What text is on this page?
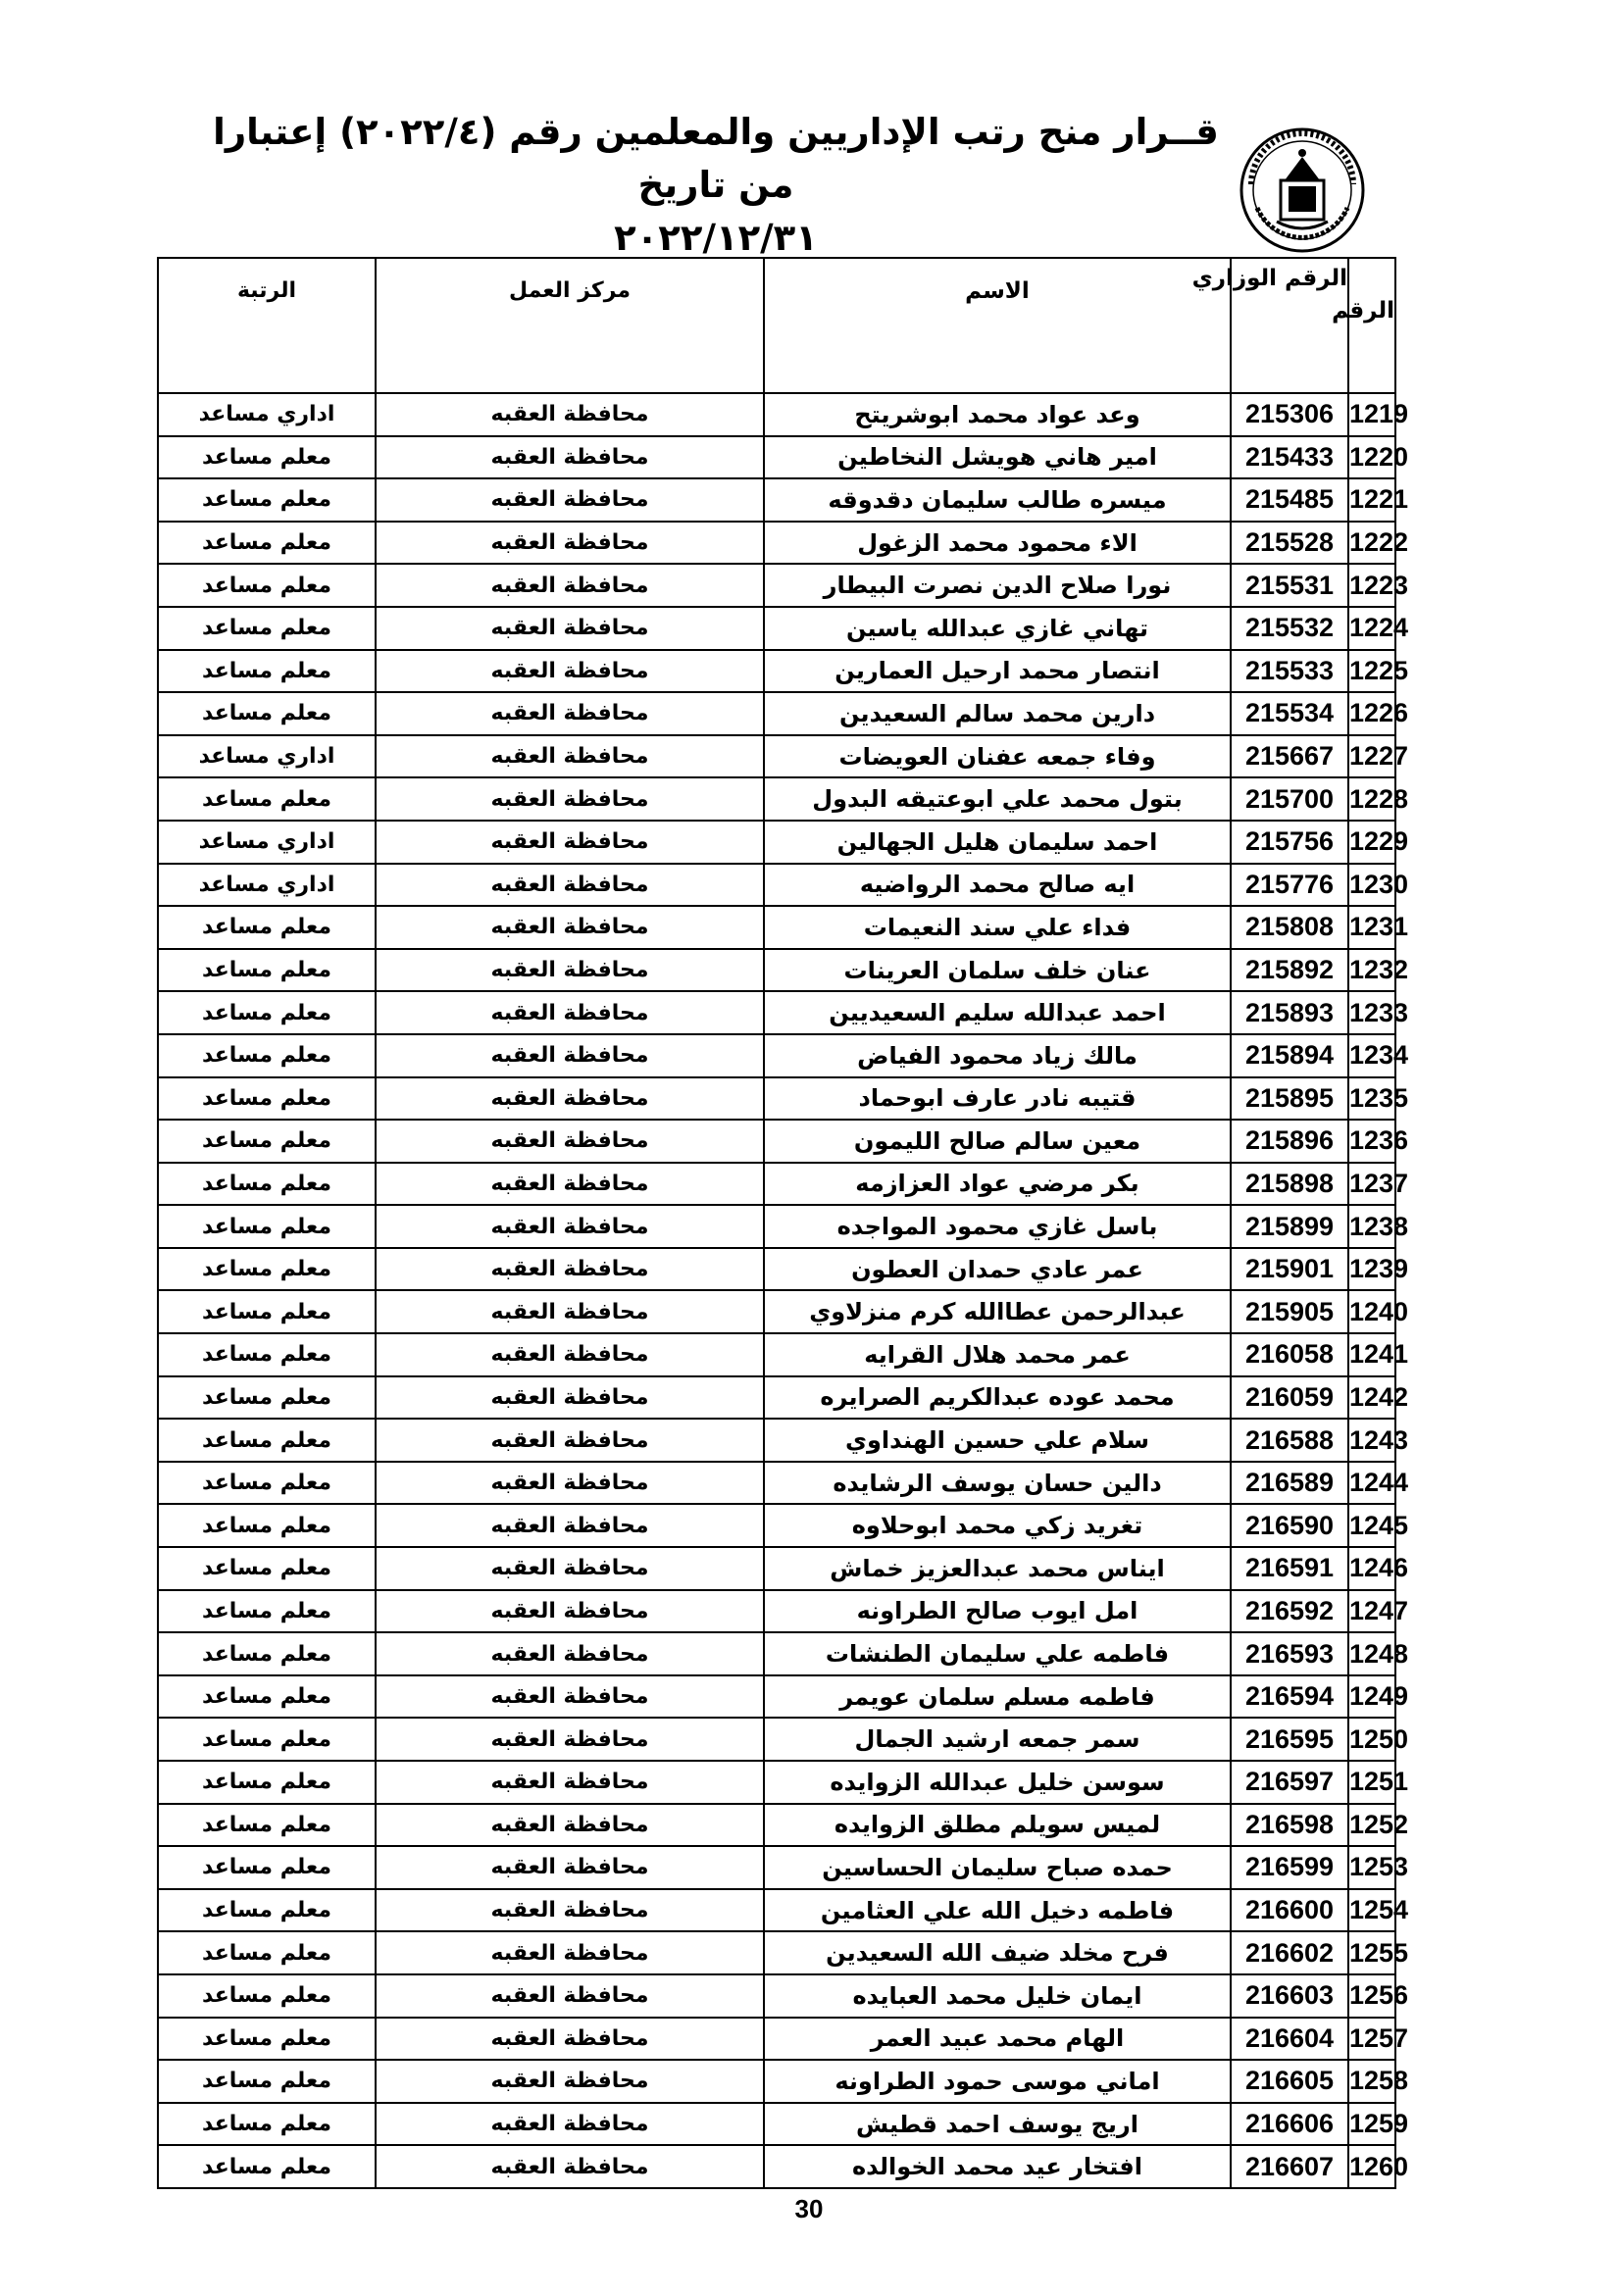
قــرار منح رتب الإداريين والمعلمين رقم (٢٠٢٢/٤) إعتبارا من تاريخ
٢٠٢٢/١٢/٣١
الرقم	الرقم الوزاري	الاسم	مركز العمل	الرتبة
1219	215306	وعد عواد محمد ابوشريتح	محافظة العقبه	اداري مساعد
1220	215433	امير هاني هويشل النخاطين	محافظة العقبه	معلم مساعد
1221	215485	ميسره طالب سليمان دقدوقه	محافظة العقبه	معلم مساعد
1222	215528	الاء محمود محمد الزغول	محافظة العقبه	معلم مساعد
1223	215531	نورا صلاح الدين نصرت البيطار	محافظة العقبه	معلم مساعد
1224	215532	تهاني غازي عبدالله ياسين	محافظة العقبه	معلم مساعد
1225	215533	انتصار محمد ارحيل العمارين	محافظة العقبه	معلم مساعد
1226	215534	دارين محمد سالم السعيدين	محافظة العقبه	معلم مساعد
1227	215667	وفاء جمعه عفنان العويضات	محافظة العقبه	اداري مساعد
1228	215700	بتول محمد علي ابوعتيقه البدول	محافظة العقبه	معلم مساعد
1229	215756	احمد سليمان هليل الجهالين	محافظة العقبه	اداري مساعد
1230	215776	ايه صالح محمد الرواضيه	محافظة العقبه	اداري مساعد
1231	215808	فداء علي سند النعيمات	محافظة العقبه	معلم مساعد
1232	215892	عنان خلف سلمان العرينات	محافظة العقبه	معلم مساعد
1233	215893	احمد عبدالله سليم السعيديين	محافظة العقبه	معلم مساعد
1234	215894	مالك زياد محمود الفياض	محافظة العقبه	معلم مساعد
1235	215895	قتيبه نادر عارف ابوحماد	محافظة العقبه	معلم مساعد
1236	215896	معين سالم صالح الليمون	محافظة العقبه	معلم مساعد
1237	215898	بكر مرضي عواد العزازمه	محافظة العقبه	معلم مساعد
1238	215899	باسل غازي محمود المواجده	محافظة العقبه	معلم مساعد
1239	215901	عمر عادي حمدان العطون	محافظة العقبه	معلم مساعد
1240	215905	عبدالرحمن عطاالله كرم منزلاوي	محافظة العقبه	معلم مساعد
1241	216058	عمر محمد هلال القرايه	محافظة العقبه	معلم مساعد
1242	216059	محمد عوده عبدالكريم الصرايره	محافظة العقبه	معلم مساعد
1243	216588	سلام علي حسين الهنداوي	محافظة العقبه	معلم مساعد
1244	216589	دالين حسان يوسف الرشايده	محافظة العقبه	معلم مساعد
1245	216590	تغريد زكي محمد ابوحلاوه	محافظة العقبه	معلم مساعد
1246	216591	ايناس محمد عبدالعزيز خماش	محافظة العقبه	معلم مساعد
1247	216592	امل ايوب صالح الطراونه	محافظة العقبه	معلم مساعد
1248	216593	فاطمه علي سليمان الطنشات	محافظة العقبه	معلم مساعد
1249	216594	فاطمه مسلم سلمان عويمر	محافظة العقبه	معلم مساعد
1250	216595	سمر جمعه ارشيد الجمال	محافظة العقبه	معلم مساعد
1251	216597	سوسن خليل عبدالله الزوايده	محافظة العقبه	معلم مساعد
1252	216598	لميس سويلم مطلق الزوايده	محافظة العقبه	معلم مساعد
1253	216599	حمده صباح سليمان الحساسين	محافظة العقبه	معلم مساعد
1254	216600	فاطمه دخيل الله علي العثامين	محافظة العقبه	معلم مساعد
1255	216602	فرح مخلد ضيف الله السعيدين	محافظة العقبه	معلم مساعد
1256	216603	ايمان خليل محمد العبايده	محافظة العقبه	معلم مساعد
1257	216604	الهام محمد عبيد العمر	محافظة العقبه	معلم مساعد
1258	216605	اماني موسى حمود الطراونه	محافظة العقبه	معلم مساعد
1259	216606	اريج يوسف احمد قطيش	محافظة العقبه	معلم مساعد
1260	216607	افتخار عيد محمد الخوالده	محافظة العقبه	معلم مساعد
30
